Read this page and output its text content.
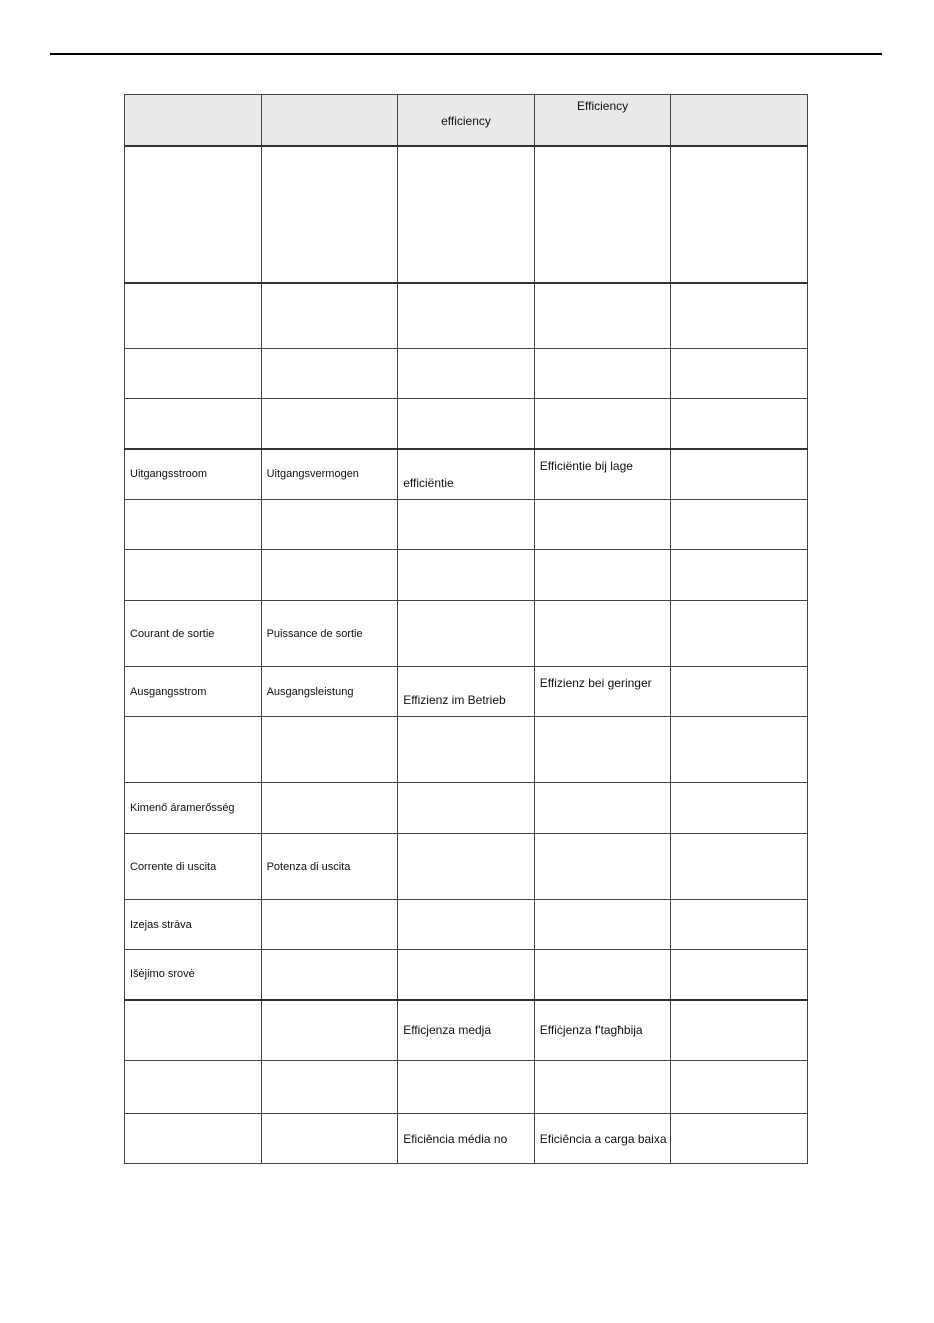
		efficiency	Efficiency	

Uitgangsstroom	Uitgangsvermogen	efficiëntie	Efficiëntie bij lage	

Courant de sortie	Puissance de sortie			
Ausgangsstrom	Ausgangsleistung	Effizienz im Betrieb	Effizienz bei geringer	

Kimenő áramerősség				
Corrente di uscita	Potenza di uscita			
Izejas strāva				
Išėjimo srovė				
		Efficjenza medja	Effiċjenza f'tagħbija	

		Eficiência média no	Eficiência a carga baixa	
